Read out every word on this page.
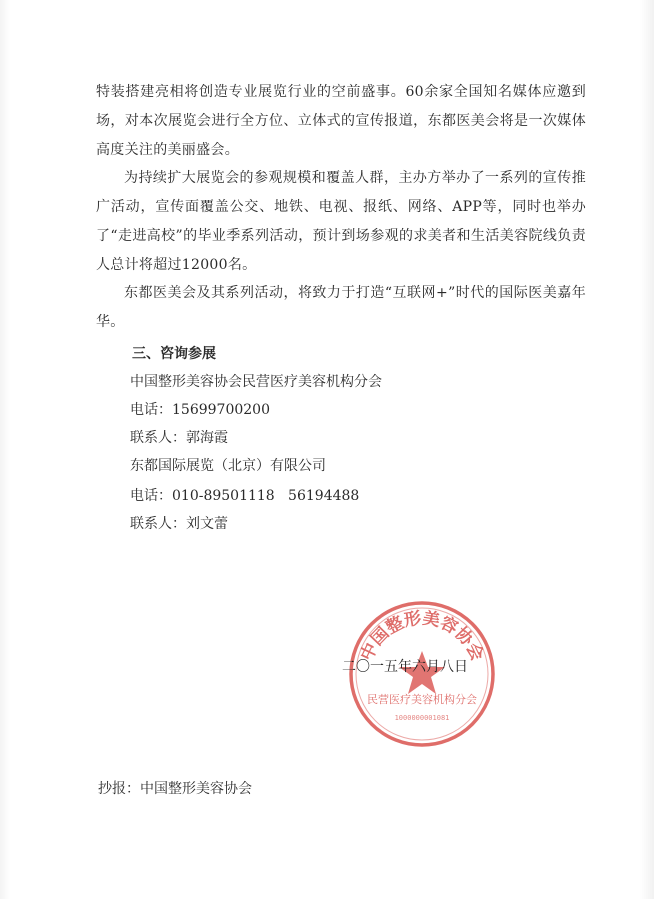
特装搭建亮相将创造专业展览行业的空前盛事。60余家全国知名媒体应邀到场，对本次展览会进行全方位、立体式的宣传报道，东都医美会将是一次媒体高度关注的美丽盛会。
为持续扩大展览会的参观规模和覆盖人群，主办方举办了一系列的宣传推广活动，宣传面覆盖公交、地铁、电视、报纸、网络、APP等，同时也举办了“走进高校”的毕业季系列活动，预计到场参观的求美者和生活美容院线负责人总计将超过12000名。
东都医美会及其系列活动，将致力于打造“互联网+”时代的国际医美嘉年华。
三、咨询参展
中国整形美容协会民营医疗美容机构分会
电话：15699700200
联系人：郭海霞
东都国际展览（北京）有限公司
电话：010-89501118   56194488
联系人：刘文蕾
中国整形美容协会
民营医疗美容机构分会
1000000001081
二〇一五年六月八日
抄报：中国整形美容协会
